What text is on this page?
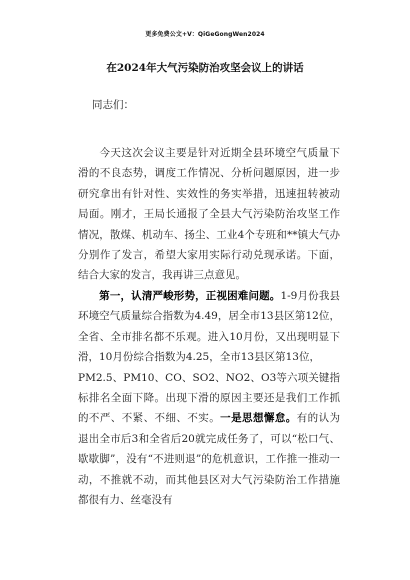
更多免费公文+V：QiGeGongWen2024
在2024年大气污染防治攻坚会议上的讲话
同志们：

今天这次会议主要是针对近期全县环境空气质量下滑的不良态势，调度工作情况、分析问题原因，进一步研究拿出有针对性、实效性的务实举措，迅速扭转被动局面。刚才，王局长通报了全县大气污染防治攻坚工作情况，散煤、机动车、扬尘、工业4个专班和**镇大气办分别作了发言，希望大家用实际行动兑现承诺。下面，结合大家的发言，我再讲三点意见。

第一，认清严峻形势，正视困难问题。1-9月份我县环境空气质量综合指数为4.49，居全市13县区第12位，全省、全市排名都不乐观。进入10月份，又出现明显下滑，10月份综合指数为4.25，全市13县区第13位，
PM2.5、PM10、CO、SO2、NO2、O3等六项关键指标排名全面下降。出现下滑的原因主要还是我们工作抓的不严、不紧、不细、不实。一是思想懈怠。有的认为退出全市后3和全省后20就完成任务了，可以“松口气、歇歇脚”，没有“不进则退”的危机意识，工作推一推动一动，不推就不动，而其他县区对大气污染防治工作措施都很有力、丝毫没有
